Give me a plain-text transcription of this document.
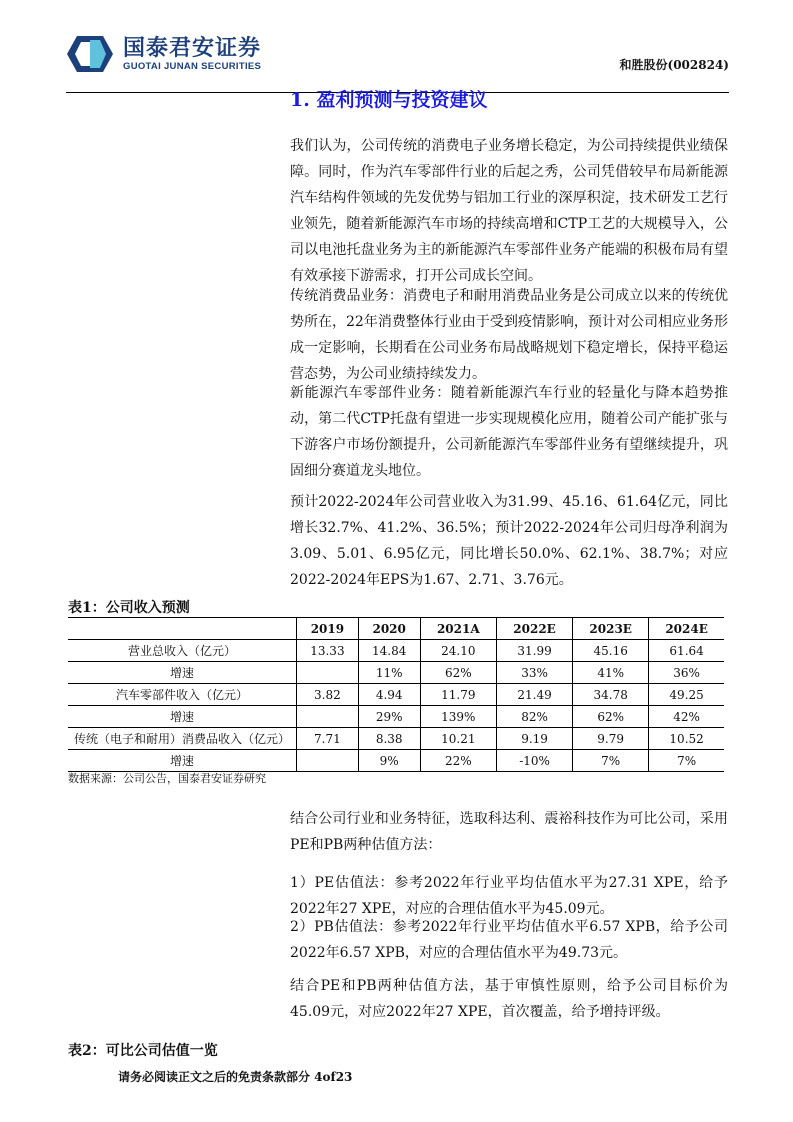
国泰君安证券
GUOTAI JUNAN SECURITIES	和胜股份(002824)
1. 盈利预测与投资建议
我们认为，公司传统的消费电子业务增长稳定，为公司持续提供业绩保障。同时，作为汽车零部件行业的后起之秀，公司凭借较早布局新能源汽车结构件领域的先发优势与铝加工行业的深厚积淀，技术研发工艺行业领先，随着新能源汽车市场的持续高增和CTP工艺的大规模导入，公司以电池托盘业务为主的新能源汽车零部件业务产能端的积极布局有望有效承接下游需求，打开公司成长空间。
传统消费品业务：消费电子和耐用消费品业务是公司成立以来的传统优势所在，22年消费整体行业由于受到疫情影响，预计对公司相应业务形成一定影响，长期看在公司业务布局战略规划下稳定增长，保持平稳运营态势，为公司业绩持续发力。
新能源汽车零部件业务：随着新能源汽车行业的轻量化与降本趋势推动，第二代CTP托盘有望进一步实现规模化应用，随着公司产能扩张与下游客户市场份额提升，公司新能源汽车零部件业务有望继续提升，巩固细分赛道龙头地位。
预计2022-2024年公司营业收入为31.99、45.16、61.64亿元，同比增长32.7%、41.2%、36.5%；预计2022-2024年公司归母净利润为3.09、5.01、6.95亿元，同比增长50.0%、62.1%、38.7%；对应2022-2024年EPS为1.67、2.71、3.76元。
表1：公司收入预测
	2019	2020	2021A	2022E	2023E	2024E
营业总收入（亿元）	13.33	14.84	24.10	31.99	45.16	61.64
增速		11%	62%	33%	41%	36%
汽车零部件收入（亿元）	3.82	4.94	11.79	21.49	34.78	49.25
增速		29%	139%	82%	62%	42%
传统（电子和耐用）消费品收入（亿元）	7.71	8.38	10.21	9.19	9.79	10.52
增速		9%	22%	-10%	7%	7%
数据来源：公司公告，国泰君安证券研究
结合公司行业和业务特征，选取科达利、震裕科技作为可比公司，采用PE和PB两种估值方法：
1）PE估值法：参考2022年行业平均估值水平为27.31 XPE，给予2022年27 XPE，对应的合理估值水平为45.09元。
2）PB估值法：参考2022年行业平均估值水平6.57 XPB，给予公司2022年6.57 XPB，对应的合理估值水平为49.73元。
结合PE和PB两种估值方法，基于审慎性原则，给予公司目标价为45.09元，对应2022年27 XPE，首次覆盖，给予增持评级。
表2：可比公司估值一览
请务必阅读正文之后的免责条款部分 4of23
